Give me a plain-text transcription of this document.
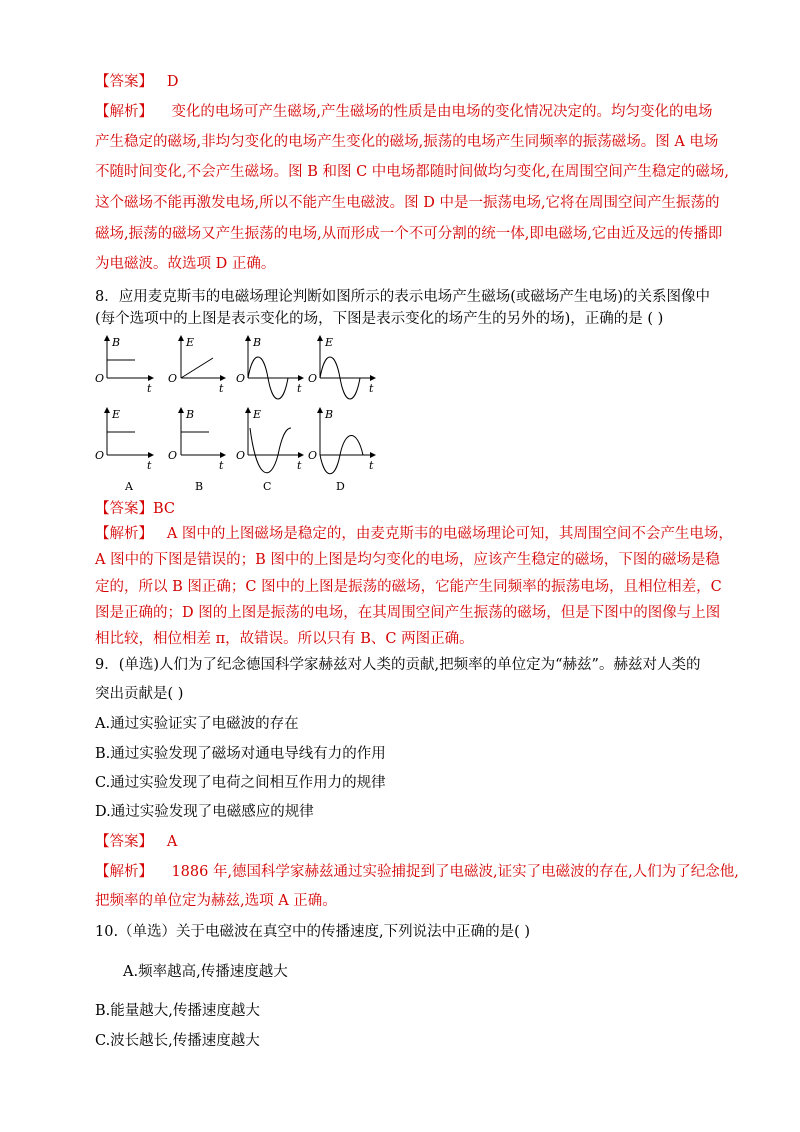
【答案】 D
【解析】 变化的电场可产生磁场,产生磁场的性质是由电场的变化情况决定的。均匀变化的电场
产生稳定的磁场,非均匀变化的电场产生变化的磁场,振荡的电场产生同频率的振荡磁场。图 A 电场
不随时间变化,不会产生磁场。图 B 和图 C 中电场都随时间做均匀变化,在周围空间产生稳定的磁场,
这个磁场不能再激发电场,所以不能产生电磁波。图 D 中是一振荡电场,它将在周围空间产生振荡的
磁场,振荡的磁场又产生振荡的电场,从而形成一个不可分割的统一体,即电磁场,它由近及远的传播即
为电磁波。故选项 D 正确。
8．应用麦克斯韦的电磁场理论判断如图所示的表示电场产生磁场(或磁场产生电场)的关系图像中
(每个选项中的上图是表示变化的场，下图是表示变化的场产生的另外的场)，正确的是 ( )
B	E	B	E
E	B	E	B
O	O	O	O
O	O	O	O
t	t	t	t
t	t	t	t
A	B	C	D
【答案】BC
【解析】 A 图中的上图磁场是稳定的，由麦克斯韦的电磁场理论可知，其周围空间不会产生电场，
A 图中的下图是错误的；B 图中的上图是均匀变化的电场，应该产生稳定的磁场，下图的磁场是稳
定的，所以 B 图正确；C 图中的上图是振荡的磁场，它能产生同频率的振荡电场，且相位相差，C
图是正确的；D 图的上图是振荡的电场，在其周围空间产生振荡的磁场，但是下图中的图像与上图
相比较，相位相差 π，故错误。所以只有 B、C 两图正确。
9．(单选)人们为了纪念德国科学家赫兹对人类的贡献,把频率的单位定为“赫兹”。赫兹对人类的
突出贡献是( )
A.通过实验证实了电磁波的存在
B.通过实验发现了磁场对通电导线有力的作用
C.通过实验发现了电荷之间相互作用力的规律
D.通过实验发现了电磁感应的规律
【答案】 A
【解析】 1886 年,德国科学家赫兹通过实验捕捉到了电磁波,证实了电磁波的存在,人们为了纪念他,
把频率的单位定为赫兹,选项 A 正确。
10.（单选）关于电磁波在真空中的传播速度,下列说法中正确的是( )
A.频率越高,传播速度越大
B.能量越大,传播速度越大
C.波长越长,传播速度越大
